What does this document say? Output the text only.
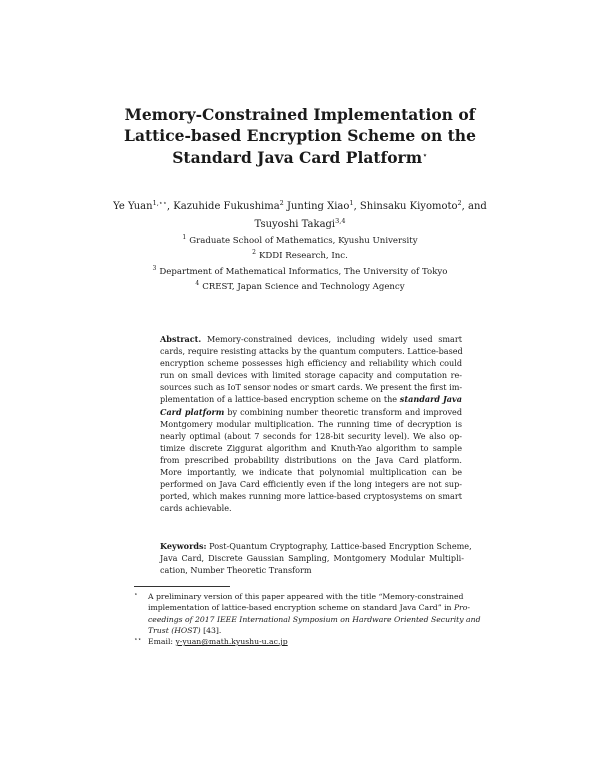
Memory-Constrained Implementation of
Lattice-based Encryption Scheme on the
Standard Java Card Platform⋆
Ye Yuan$^{1,⋆⋆}$, Kazuhide Fukushima$^2$ Junting Xiao$^1$, Shinsaku Kiyomoto$^2$, and
Tsuyoshi Takagi$^{3,4}$
$^1$ Graduate School of Mathematics, Kyushu University
$^2$ KDDI Research, Inc.
$^3$ Department of Mathematical Informatics, The University of Tokyo
$^4$ CREST, Japan Science and Technology Agency
Abstract. Memory-constrained devices, including widely used smart
cards, require resisting attacks by the quantum computers. Lattice-based
encryption scheme possesses high efficiency and reliability which could
run on small devices with limited storage capacity and computation re-
sources such as IoT sensor nodes or smart cards. We present the first im-
plementation of a lattice-based encryption scheme on the standard Java
Card platform by combining number theoretic transform and improved
Montgomery modular multiplication. The running time of decryption is
nearly optimal (about 7 seconds for 128-bit security level). We also op-
timize discrete Ziggurat algorithm and Knuth-Yao algorithm to sample
from prescribed probability distributions on the Java Card platform.
More importantly, we indicate that polynomial multiplication can be
performed on Java Card efficiently even if the long integers are not sup-
ported, which makes running more lattice-based cryptosystems on smart
cards achievable.
Keywords: Post-Quantum Cryptography, Lattice-based Encryption Scheme,
Java Card, Discrete Gaussian Sampling, Montgomery Modular Multipli-
cation, Number Theoretic Transform
⋆ A preliminary version of this paper appeared with the title “Memory-constrained
implementation of lattice-based encryption scheme on standard Java Card” in Pro-
ceedings of 2017 IEEE International Symposium on Hardware Oriented Security and
Trust (HOST) [43].
⋆⋆ Email: y-yuan@math.kyushu-u.ac.jp
